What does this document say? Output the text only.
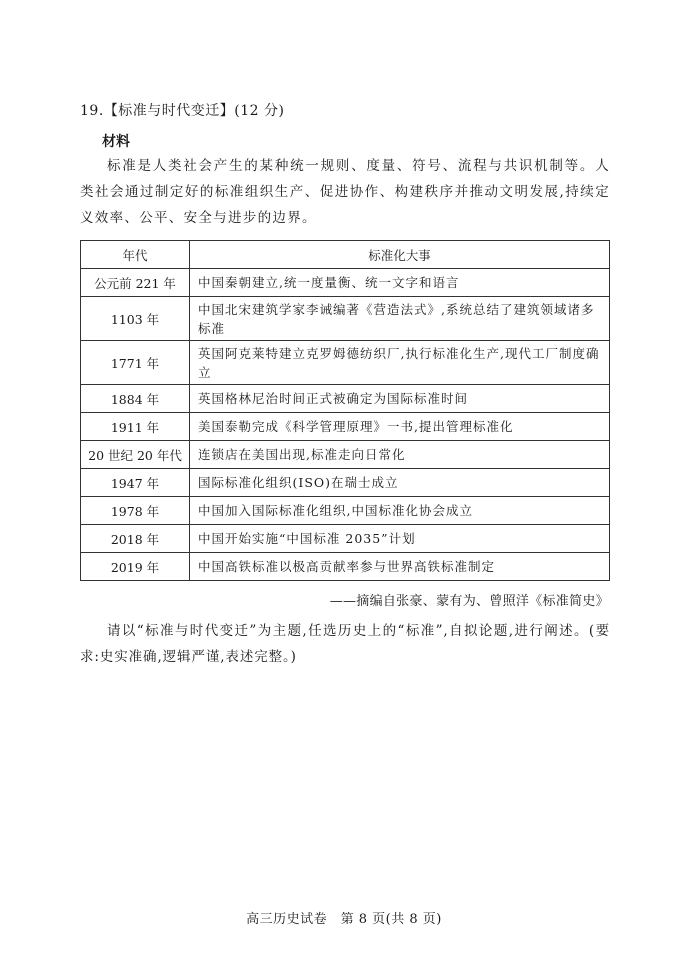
19.【标准与时代变迁】(12 分)
材料
标准是人类社会产生的某种统一规则、度量、符号、流程与共识机制等。人类社会通过制定好的标准组织生产、促进协作、构建秩序并推动文明发展,持续定义效率、公平、安全与进步的边界。
年代	标准化大事
公元前 221 年	中国秦朝建立,统一度量衡、统一文字和语言
1103 年	中国北宋建筑学家李诫编著《营造法式》,系统总结了建筑领域诸多标准
1771 年	英国阿克莱特建立克罗姆德纺织厂,执行标准化生产,现代工厂制度确立
1884 年	英国格林尼治时间正式被确定为国际标准时间
1911 年	美国泰勒完成《科学管理原理》一书,提出管理标准化
20 世纪 20 年代	连锁店在美国出现,标准走向日常化
1947 年	国际标准化组织(ISO)在瑞士成立
1978 年	中国加入国际标准化组织,中国标准化协会成立
2018 年	中国开始实施“中国标准 2035”计划
2019 年	中国高铁标准以极高贡献率参与世界高铁标准制定
——摘编自张豪、蒙有为、曾照洋《标准简史》
请以“标准与时代变迁”为主题,任选历史上的“标准”,自拟论题,进行阐述。(要求:史实准确,逻辑严谨,表述完整。)
高三历史试卷　第 8 页(共 8 页)
